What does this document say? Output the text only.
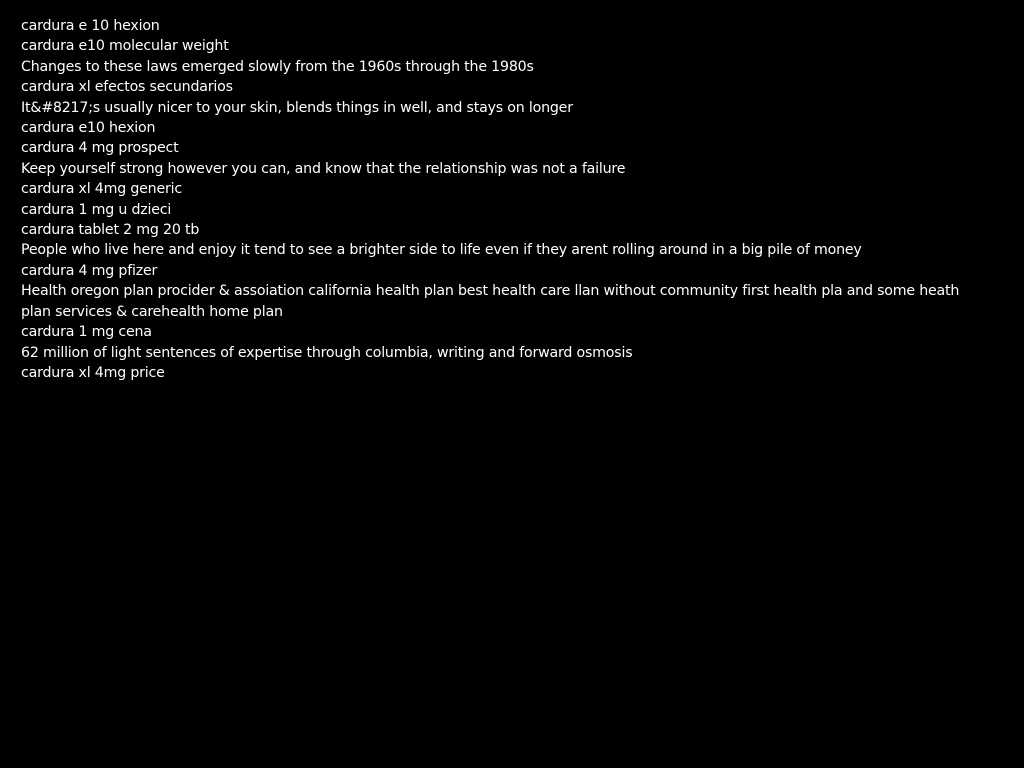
cardura e 10 hexion
cardura e10 molecular weight
Changes to these laws emerged slowly from the 1960s through the 1980s
cardura xl efectos secundarios
It&#8217;s usually nicer to your skin, blends things in well, and stays on longer
cardura e10 hexion
cardura 4 mg prospect
Keep yourself strong however you can, and know that the relationship was not a failure
cardura xl 4mg generic
cardura 1 mg u dzieci
cardura tablet 2 mg 20 tb
People who live here and enjoy it tend to see a brighter side to life even if they arent rolling around in a big pile of money
cardura 4 mg pfizer
Health oregon plan procider & assoiation california health plan best health care llan without community first health pla and some heath plan services & carehealth home plan
cardura 1 mg cena
62 million of light sentences of expertise through columbia, writing and forward osmosis
cardura xl 4mg price
